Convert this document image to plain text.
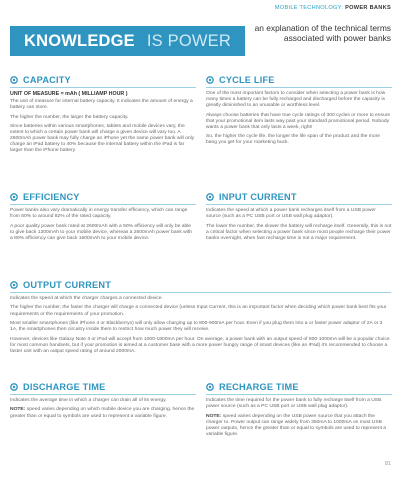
MOBILE TECHNOLOGY: POWER BANKS
KNOWLEDGE IS POWER
an explanation of the technical terms associated with power banks
CAPACITY
UNIT OF MEASURE = mAh ( MILLIAMP HOUR )

The unit of measure for internal battery capacity. It indicates the amount of energy a battery can store.

The higher the number, the larger the battery capacity.

Since batteries within various smartphones, tablets and mobile devices vary, the extent to which a certain power bank will charge a given device will vary too. A 2600mAh power bank may fully charge an iPhone yet the same power bank will only charge an iPad battery to 40% because the internal battery within the iPad is far larger than the iPhone battery.

CYCLE LIFE

One of the most important factors to consider when selecting a power bank is how many times a battery can be fully recharged and discharged before the capacity is greatly diminished to an unusable or worthless level.

Always choose batteries that have true cycle ratings of 300 cycles or more to ensure that your promotional item lasts way past your standard promotional period. Nobody wants a power bank that only lasts a week, right!

So, the higher the cycle life, the longer the life span of the product and the more bang you get for your marketing buck.

EFFICIENCY

Power banks also vary dramatically in energy transfer efficiency, which can range from 50% to around 82% of the rated capacity.

A poor quality power bank rated at 2600mAh with a 50% efficiency will only be able to give back 1300mAh to your mobile device, whereas a 2600mAh power bank with a 80% efficiency can give back 1600mAh to your mobile device.

INPUT CURRENT

Indicates the speed at which a power bank recharges itself from a USB power source (such as a PC USB port or USB wall plug adaptor).

The lower the number, the slower the battery will recharge itself. Generally, this is not a critical factor when selecting a power bank since most people recharge their power banks overnight, when fast recharge time is not a major requirement.

OUTPUT CURRENT

Indicates the speed at which the charger charges a connected device.

The higher the number, the faster the charger will charge a connected device (unless Input Current, this is an important factor when deciding which power bank best fits your requirements or the requirements of your promotion.

Most smaller smartphones (like iPhone 4 or Blackberrys) will only allow charging up to 800-900mA per hour. Even if you plug them into a or faster power adaptor of 2A or 3 1A, the smartphones then circuitry inside them to restrict how much power they will receive.

However, devices like Galaxy Note 3 or iPod will accept from 1000-1800mA per hour. On average, a power bank with an output speed of 800-1000mA will be a popular choice for most common handsets, but if your promotion is aimed at a customer base with a more power hungry range of smart devices (like an iPad) it's recommended to choose a faster unit with an output speed rating of around 2000mA.

DISCHARGE TIME

Indicates the average time in which a charger can drain all of its energy.

NOTE: speed varies depending on which mobile device you are charging, hence the greater than or equal to symbols are used to represent a variable figure.

RECHARGE TIME

Indicates the time required for the power bank to fully recharge itself from a USB power source (such as a PC USB port or USB wall plug adaptor).

NOTE: speed varies depending on the USB power source that you attach the charger to. Power output can range widely from 350mA to 1000mA on most USB power outputs, hence the greater than or equal to symbols are used to represent a variable figure.

81
